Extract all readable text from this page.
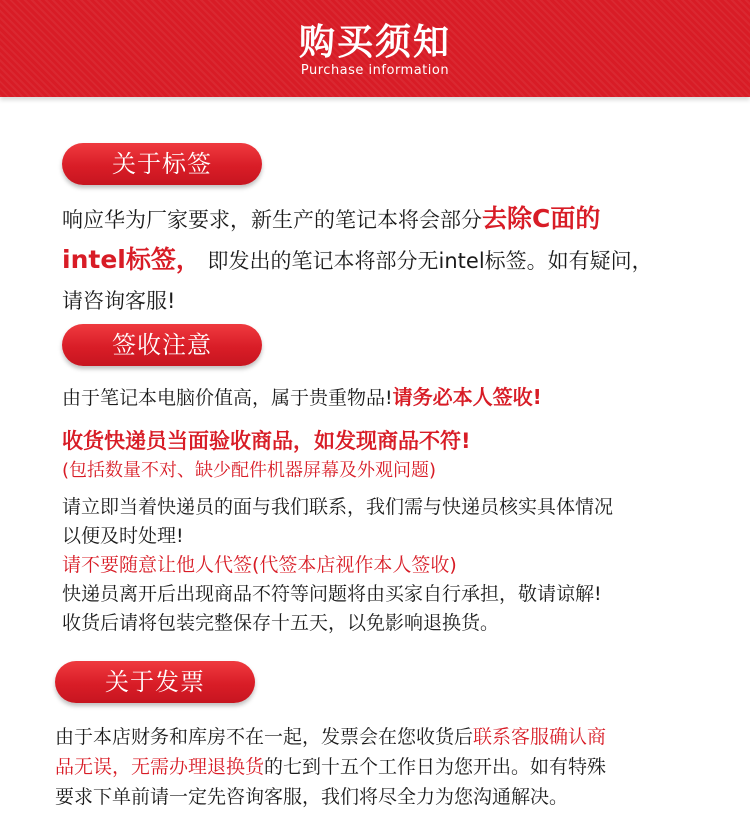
购买须知
Purchase information
关于标签
响应华为厂家要求，新生产的笔记本将会部分去除C面的
intel标签， 即发出的笔记本将部分无intel标签。如有疑问，
请咨询客服!
签收注意
由于笔记本电脑价值高，属于贵重物品!请务必本人签收!
收货快递员当面验收商品，如发现商品不符!
(包括数量不对、缺少配件机器屏幕及外观问题)
请立即当着快递员的面与我们联系，我们需与快递员核实具体情况
以便及时处理!
请不要随意让他人代签(代签本店视作本人签收)
快递员离开后出现商品不符等问题将由买家自行承担，敬请谅解!
收货后请将包装完整保存十五天，以免影响退换货。
关于发票
由于本店财务和库房不在一起，发票会在您收货后联系客服确认商
品无误，无需办理退换货的七到十五个工作日为您开出。如有特殊
要求下单前请一定先咨询客服，我们将尽全力为您沟通解决。
